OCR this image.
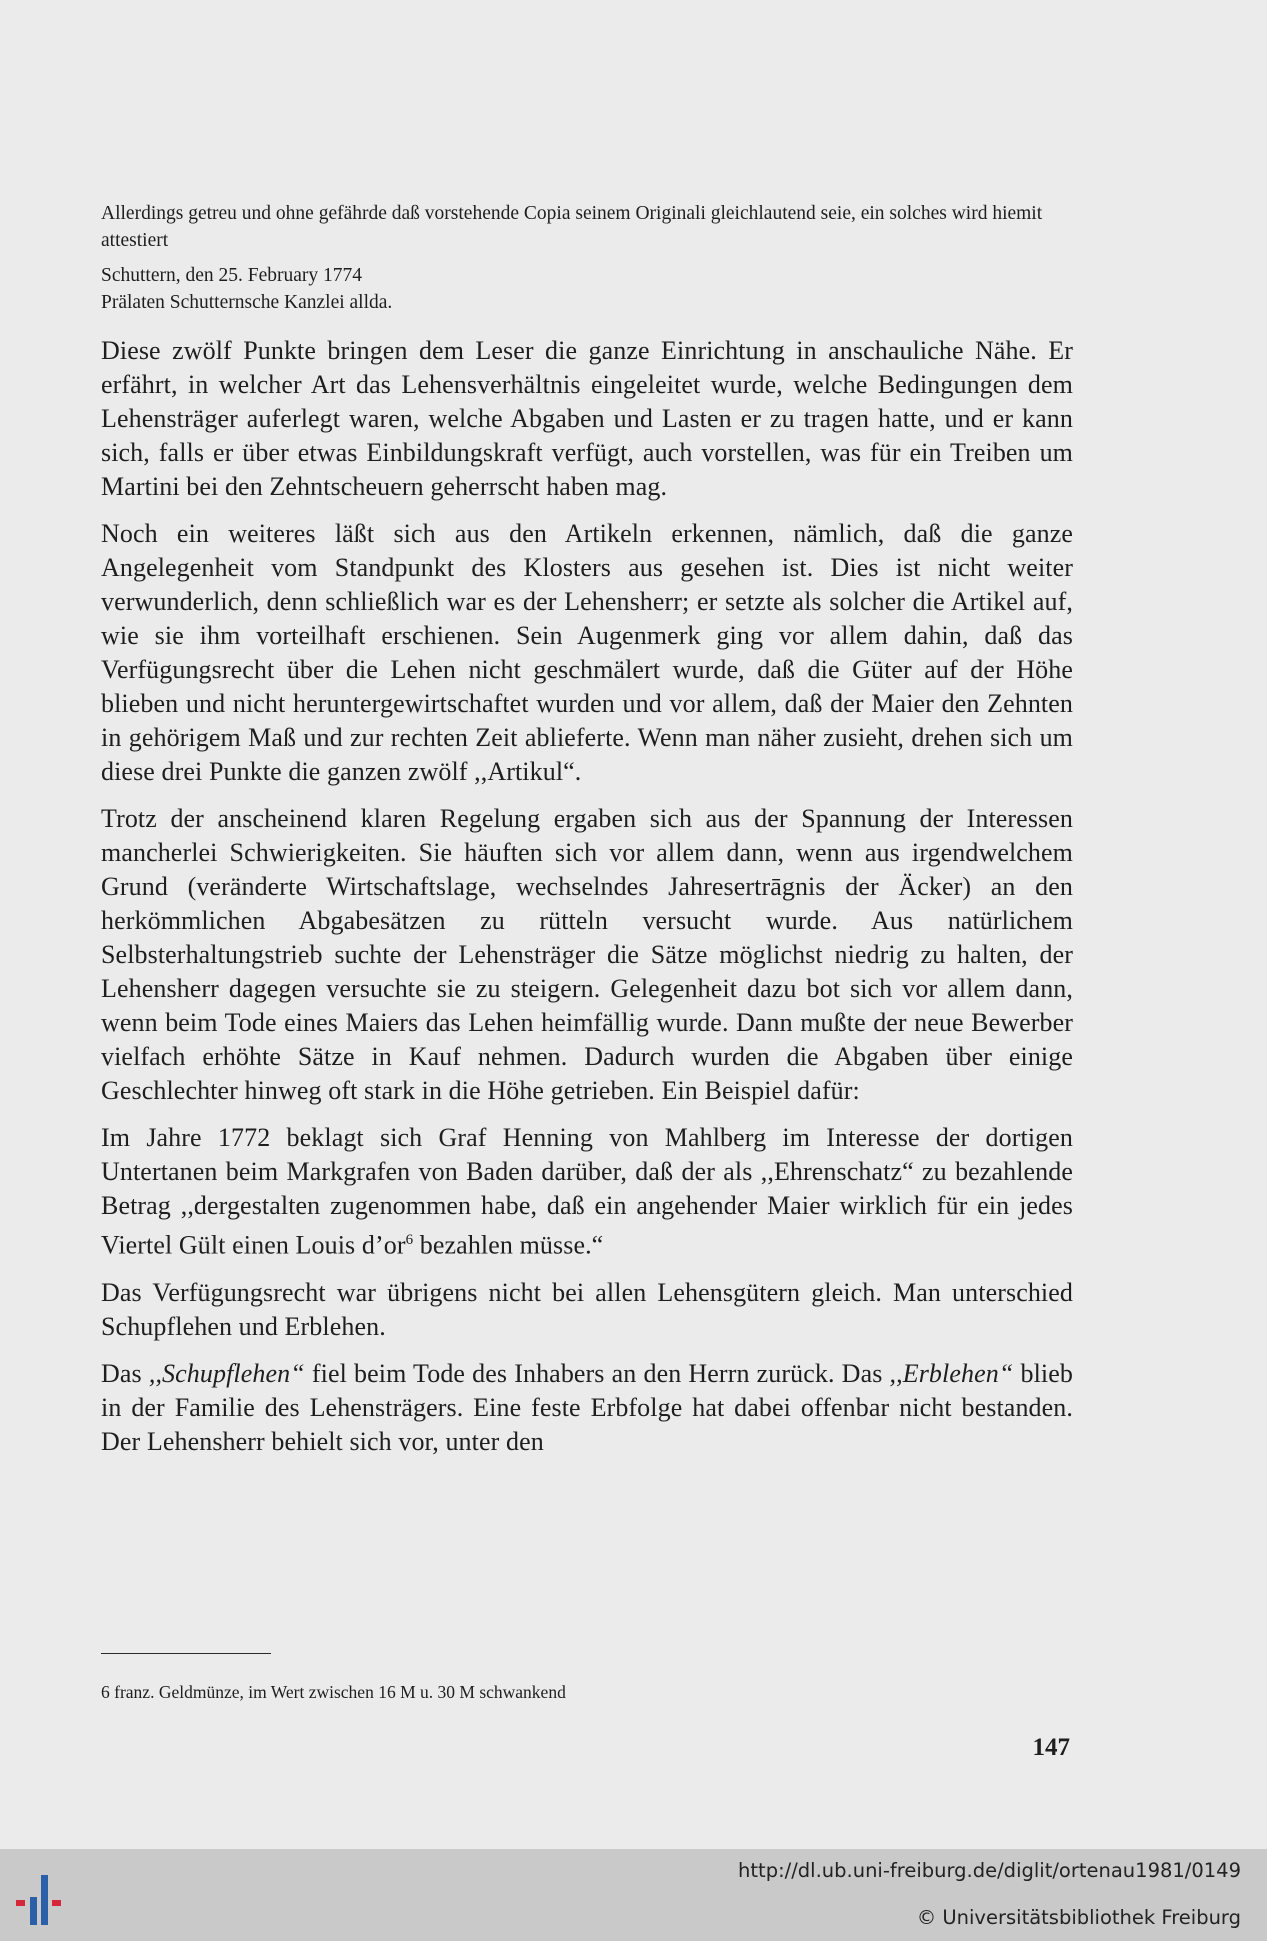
Allerdings getreu und ohne gefährde daß vorstehende Copia seinem Originali gleichlautend seie, ein solches wird hiemit attestiert

Schuttern, den 25. February 1774
Prälaten Schutternsche Kanzlei allda.

Diese zwölf Punkte bringen dem Leser die ganze Einrichtung in anschauliche Nähe. Er erfährt, in welcher Art das Lehensverhältnis eingeleitet wurde, welche Bedingungen dem Lehensträger auferlegt waren, welche Abgaben und Lasten er zu tragen hatte, und er kann sich, falls er über etwas Einbildungskraft verfügt, auch vorstellen, was für ein Treiben um Martini bei den Zehntscheuern geherrscht haben mag.

Noch ein weiteres läßt sich aus den Artikeln erkennen, nämlich, daß die ganze Angelegenheit vom Standpunkt des Klosters aus gesehen ist. Dies ist nicht weiter verwunderlich, denn schließlich war es der Lehensherr; er setzte als solcher die Artikel auf, wie sie ihm vorteilhaft erschienen. Sein Augenmerk ging vor allem dahin, daß das Verfügungsrecht über die Lehen nicht geschmälert wurde, daß die Güter auf der Höhe blieben und nicht heruntergewirtschaftet wurden und vor allem, daß der Maier den Zehnten in gehörigem Maß und zur rechten Zeit ablieferte. Wenn man näher zusieht, drehen sich um diese drei Punkte die ganzen zwölf ,,Artikul“.

Trotz der anscheinend klaren Regelung ergaben sich aus der Spannung der Interessen mancherlei Schwierigkeiten. Sie häuften sich vor allem dann, wenn aus irgendwelchem Grund (veränderte Wirtschaftslage, wechselndes Jahresertrāgnis der Äcker) an den herkömmlichen Abgabesätzen zu rütteln versucht wurde. Aus natürlichem Selbsterhaltungstrieb suchte der Lehensträger die Sätze möglichst niedrig zu halten, der Lehensherr dagegen versuchte sie zu steigern. Gelegenheit dazu bot sich vor allem dann, wenn beim Tode eines Maiers das Lehen heimfällig wurde. Dann mußte der neue Bewerber vielfach erhöhte Sätze in Kauf nehmen. Dadurch wurden die Abgaben über einige Geschlechter hinweg oft stark in die Höhe getrieben. Ein Beispiel dafür:

Im Jahre 1772 beklagt sich Graf Henning von Mahlberg im Interesse der dortigen Untertanen beim Markgrafen von Baden darüber, daß der als ,,Ehrenschatz“ zu bezahlende Betrag ,,dergestalten zugenommen habe, daß ein angehender Maier wirklich für ein jedes Viertel Gült einen Louis $d’or^6$ bezahlen müsse.“

Das Verfügungsrecht war übrigens nicht bei allen Lehensgütern gleich. Man unterschied Schupflehen und Erblehen.

Das ,,Schupflehen“ fiel beim Tode des Inhabers an den Herrn zurück. Das ,,Erblehen“ blieb in der Familie des Lehensträgers. Eine feste Erbfolge hat dabei offenbar nicht bestanden. Der Lehensherr behielt sich vor, unter den

6 franz. Geldmünze, im Wert zwischen 16 M u. 30 M schwankend

147
http://dl.ub.uni-freiburg.de/diglit/ortenau1981/0149
© Universitätsbibliothek Freiburg
